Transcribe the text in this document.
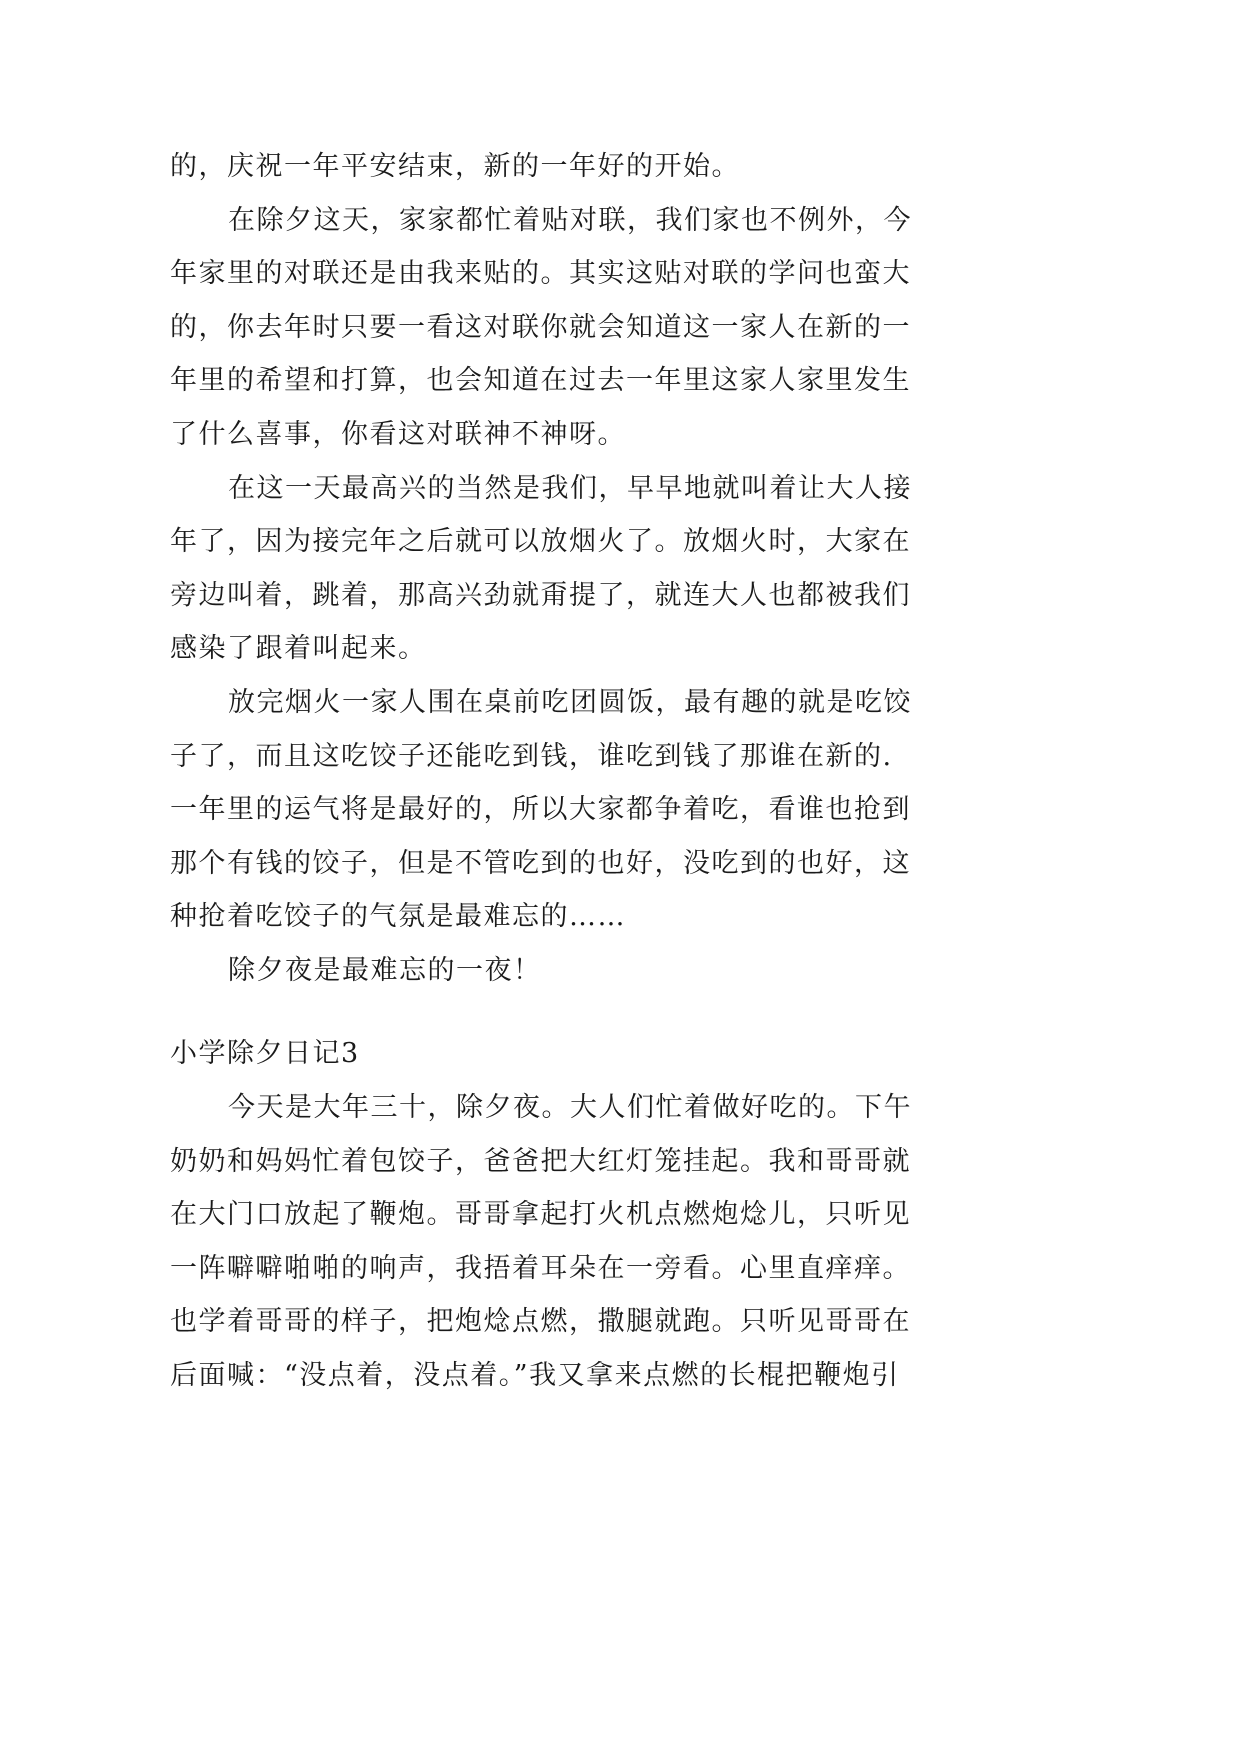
的，庆祝一年平安结束，新的一年好的开始。
在除夕这天，家家都忙着贴对联，我们家也不例外，今
年家里的对联还是由我来贴的。其实这贴对联的学问也蛮大
的，你去年时只要一看这对联你就会知道这一家人在新的一
年里的希望和打算，也会知道在过去一年里这家人家里发生
了什么喜事，你看这对联神不神呀。
在这一天最高兴的当然是我们，早早地就叫着让大人接
年了，因为接完年之后就可以放烟火了。放烟火时，大家在
旁边叫着，跳着，那高兴劲就甭提了，就连大人也都被我们
感染了跟着叫起来。
放完烟火一家人围在桌前吃团圆饭，最有趣的就是吃饺
子了，而且这吃饺子还能吃到钱，谁吃到钱了那谁在新的.
一年里的运气将是最好的，所以大家都争着吃，看谁也抢到
那个有钱的饺子，但是不管吃到的也好，没吃到的也好，这
种抢着吃饺子的气氛是最难忘的……
除夕夜是最难忘的一夜！
小学除夕日记3
今天是大年三十，除夕夜。大人们忙着做好吃的。下午
奶奶和妈妈忙着包饺子，爸爸把大红灯笼挂起。我和哥哥就
在大门口放起了鞭炮。哥哥拿起打火机点燃炮焾儿，只听见
一阵噼噼啪啪的响声，我捂着耳朵在一旁看。心里直痒痒。
也学着哥哥的样子，把炮焾点燃，撒腿就跑。只听见哥哥在
后面喊：“没点着，没点着。”我又拿来点燃的长棍把鞭炮引
